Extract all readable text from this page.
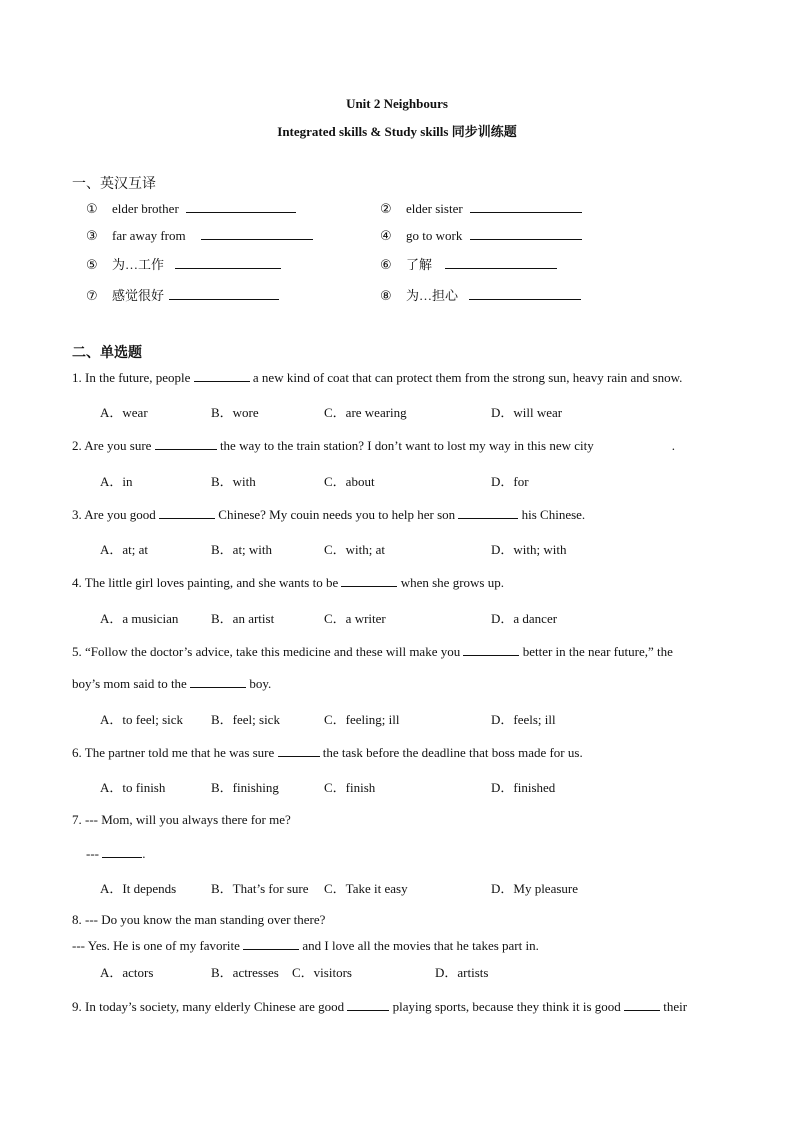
Unit 2 Neighbours
Integrated skills & Study skills 同步训练题
一、英汉互译
① elder brother	② elder sister
③ far away from	④ go to work
⑤ 为…工作	⑥ 了解
⑦ 感觉很好	⑧ 为…担心
二、单选题
1. In the future, people	a new kind of coat that can protect them from the strong sun, heavy rain and snow.
A．wear	B．wore	C．are wearing	D．will wear
2. Are you sure	the way to the train station? I don’t want to lost my way in this new city	.
A．in	B．with	C．about	D．for
3. Are you good	Chinese? My couin needs you to help her son	his Chinese.
A．at; at	B．at; with	C．with; at	D．with; with
4. The little girl loves painting, and she wants to be	when she grows up.
A．a musician	B．an artist	C．a writer	D．a dancer
5. “Follow the doctor’s advice, take this medicine and these will make you	better in the near future,” the
boy’s mom said to the	boy.
A．to feel; sick B．feel; sick	C．feeling; ill	D．feels; ill
6. The partner told me that he was sure	the task before the deadline that boss made for us.
A．to finish	B．finishing	C．finish	D．finished
7. --- Mom, will you always there for me?
---	.
A．It depends	B．That’s for sure C．Take it easy	D．My pleasure
8. --- Do you know the man standing over there?
--- Yes. He is one of my favorite	and I love all the movies that he takes part in.
A．actors	B．actresses C．visitors	D．artists
9. In today’s society, many elderly Chinese are good	playing sports, because they think it is good	their
